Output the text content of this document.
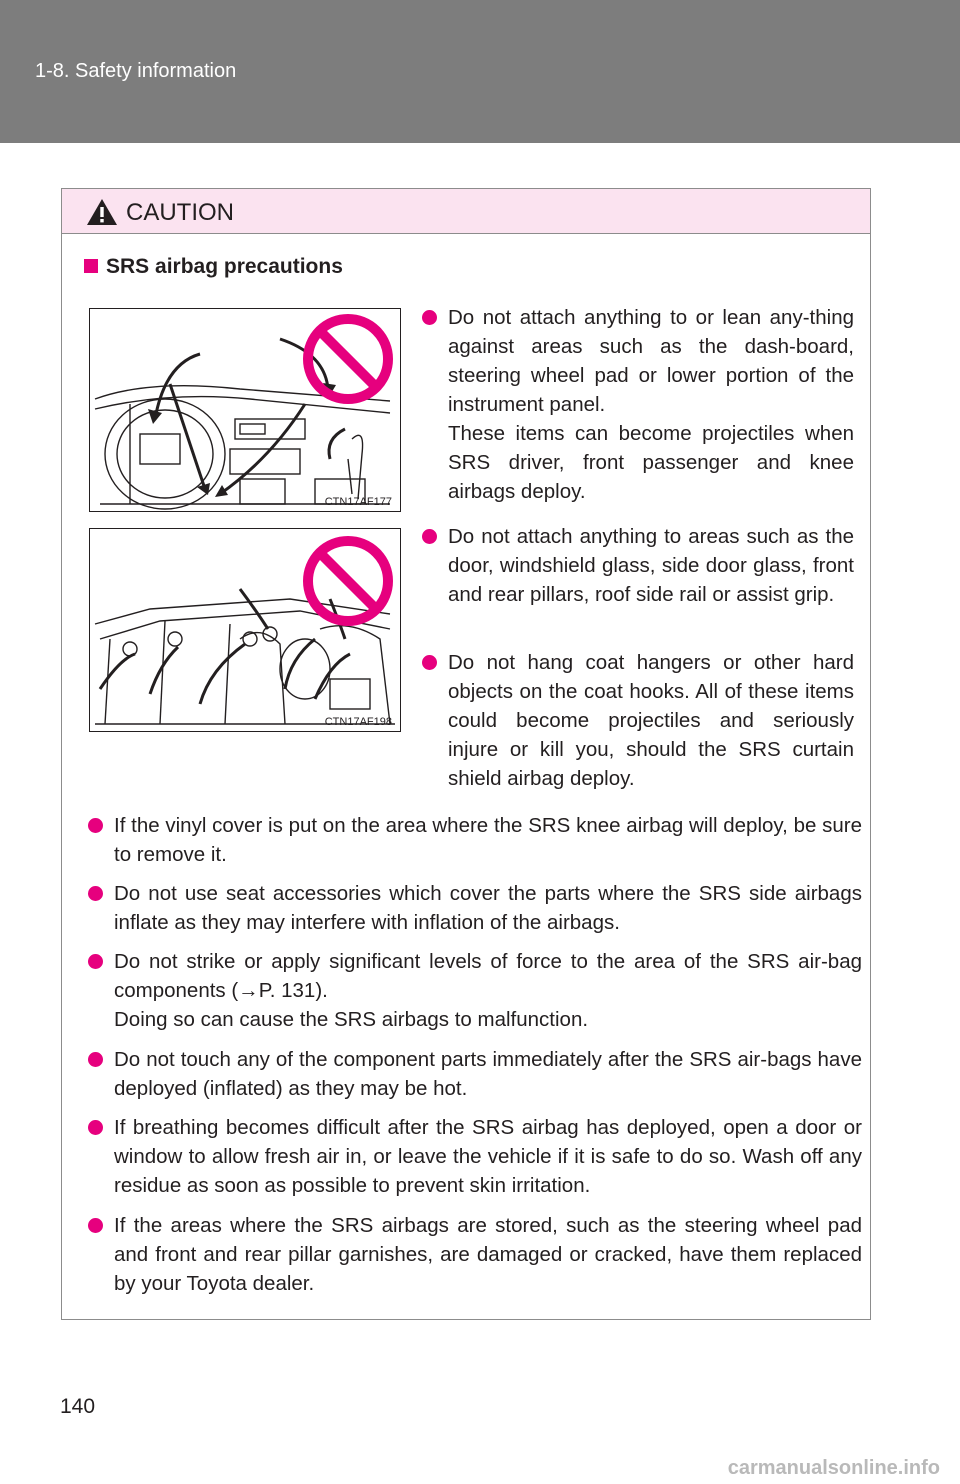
1-8. Safety information
CAUTION
SRS airbag precautions
CTN17AF177
CTN17AF198
Do not attach anything to or lean any-thing against areas such as the dash-board, steering wheel pad or lower portion of the instrument panel.
These items can become projectiles when SRS driver, front passenger and knee airbags deploy.
Do not attach anything to areas such as the door, windshield glass, side door glass, front and rear pillars, roof side rail or assist grip.
Do not hang coat hangers or other hard objects on the coat hooks. All of these items could become projectiles and seriously injure or kill you, should the SRS curtain shield airbag deploy.
If the vinyl cover is put on the area where the SRS knee airbag will deploy, be sure to remove it.
Do not use seat accessories which cover the parts where the SRS side airbags inflate as they may interfere with inflation of the airbags.
Do not strike or apply significant levels of force to the area of the SRS air-bag components (→P. 131).
Doing so can cause the SRS airbags to malfunction.
Do not touch any of the component parts immediately after the SRS air-bags have deployed (inflated) as they may be hot.
If breathing becomes difficult after the SRS airbag has deployed, open a door or window to allow fresh air in, or leave the vehicle if it is safe to do so. Wash off any residue as soon as possible to prevent skin irritation.
If the areas where the SRS airbags are stored, such as the steering wheel pad and front and rear pillar garnishes, are damaged or cracked, have them replaced by your Toyota dealer.
140
carmanualsonline.info
